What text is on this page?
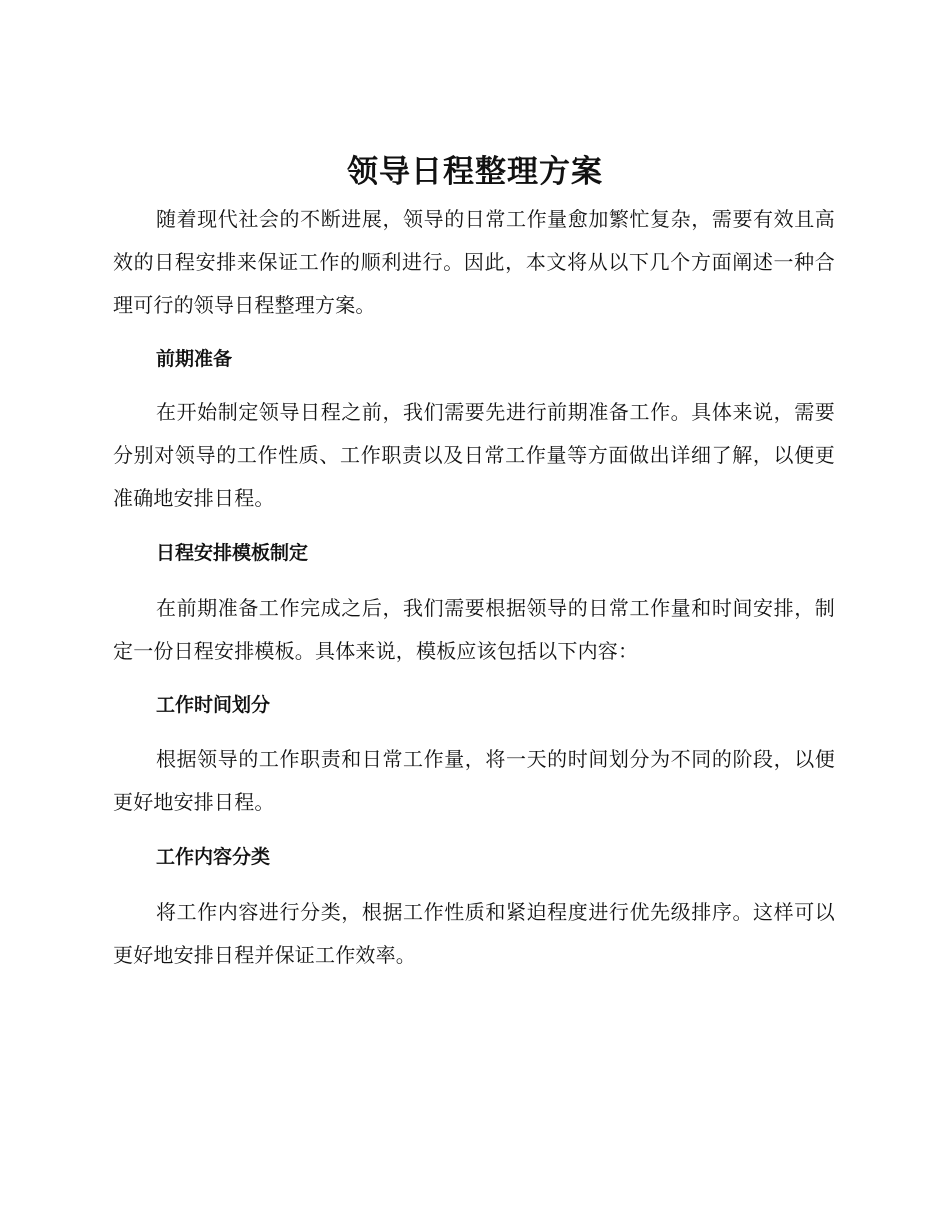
领导日程整理方案

随着现代社会的不断进展，领导的日常工作量愈加繁忙复杂，需要有效且高效的日程安排来保证工作的顺利进行。因此，本文将从以下几个方面阐述一种合理可行的领导日程整理方案。

前期准备

在开始制定领导日程之前，我们需要先进行前期准备工作。具体来说，需要分别对领导的工作性质、工作职责以及日常工作量等方面做出详细了解，以便更准确地安排日程。

日程安排模板制定

在前期准备工作完成之后，我们需要根据领导的日常工作量和时间安排，制定一份日程安排模板。具体来说，模板应该包括以下内容：

工作时间划分

根据领导的工作职责和日常工作量，将一天的时间划分为不同的阶段，以便更好地安排日程。

工作内容分类

将工作内容进行分类，根据工作性质和紧迫程度进行优先级排序。这样可以更好地安排日程并保证工作效率。
